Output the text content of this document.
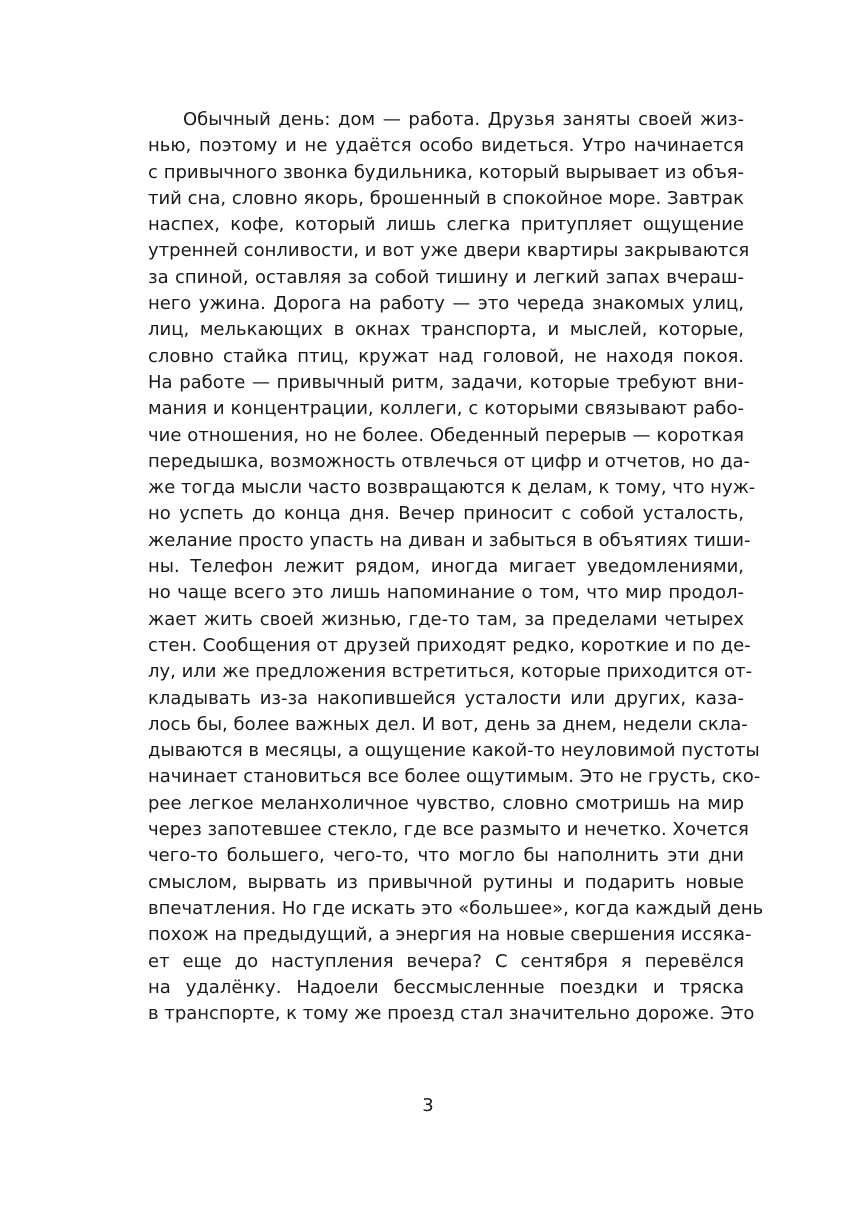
Обычный день: дом — работа. Друзья заняты своей жиз-
нью, поэтому и не удаётся особо видеться. Утро начинается
с привычного звонка будильника, который вырывает из объя-
тий сна, словно якорь, брошенный в спокойное море. Завтрак
наспех, кофе, который лишь слегка притупляет ощущение
утренней сонливости, и вот уже двери квартиры закрываются
за спиной, оставляя за собой тишину и легкий запах вчераш-
него ужина. Дорога на работу — это череда знакомых улиц,
лиц, мелькающих в окнах транспорта, и мыслей, которые,
словно стайка птиц, кружат над головой, не находя покоя.
На работе — привычный ритм, задачи, которые требуют вни-
мания и концентрации, коллеги, с которыми связывают рабо-
чие отношения, но не более. Обеденный перерыв — короткая
передышка, возможность отвлечься от цифр и отчетов, но да-
же тогда мысли часто возвращаются к делам, к тому, что нуж-
но успеть до конца дня. Вечер приносит с собой усталость,
желание просто упасть на диван и забыться в объятиях тиши-
ны. Телефон лежит рядом, иногда мигает уведомлениями,
но чаще всего это лишь напоминание о том, что мир продол-
жает жить своей жизнью, где-то там, за пределами четырех
стен. Сообщения от друзей приходят редко, короткие и по де-
лу, или же предложения встретиться, которые приходится от-
кладывать из-за накопившейся усталости или других, каза-
лось бы, более важных дел. И вот, день за днем, недели скла-
дываются в месяцы, а ощущение какой-то неуловимой пустоты
начинает становиться все более ощутимым. Это не грусть, ско-
рее легкое меланхоличное чувство, словно смотришь на мир
через запотевшее стекло, где все размыто и нечетко. Хочется
чего-то большего, чего-то, что могло бы наполнить эти дни
смыслом, вырвать из привычной рутины и подарить новые
впечатления. Но где искать это «большее», когда каждый день
похож на предыдущий, а энергия на новые свершения иссяка-
ет еще до наступления вечера? С сентября я перевёлся
на удалёнку. Надоели бессмысленные поездки и тряска
в транспорте, к тому же проезд стал значительно дороже. Это
3
